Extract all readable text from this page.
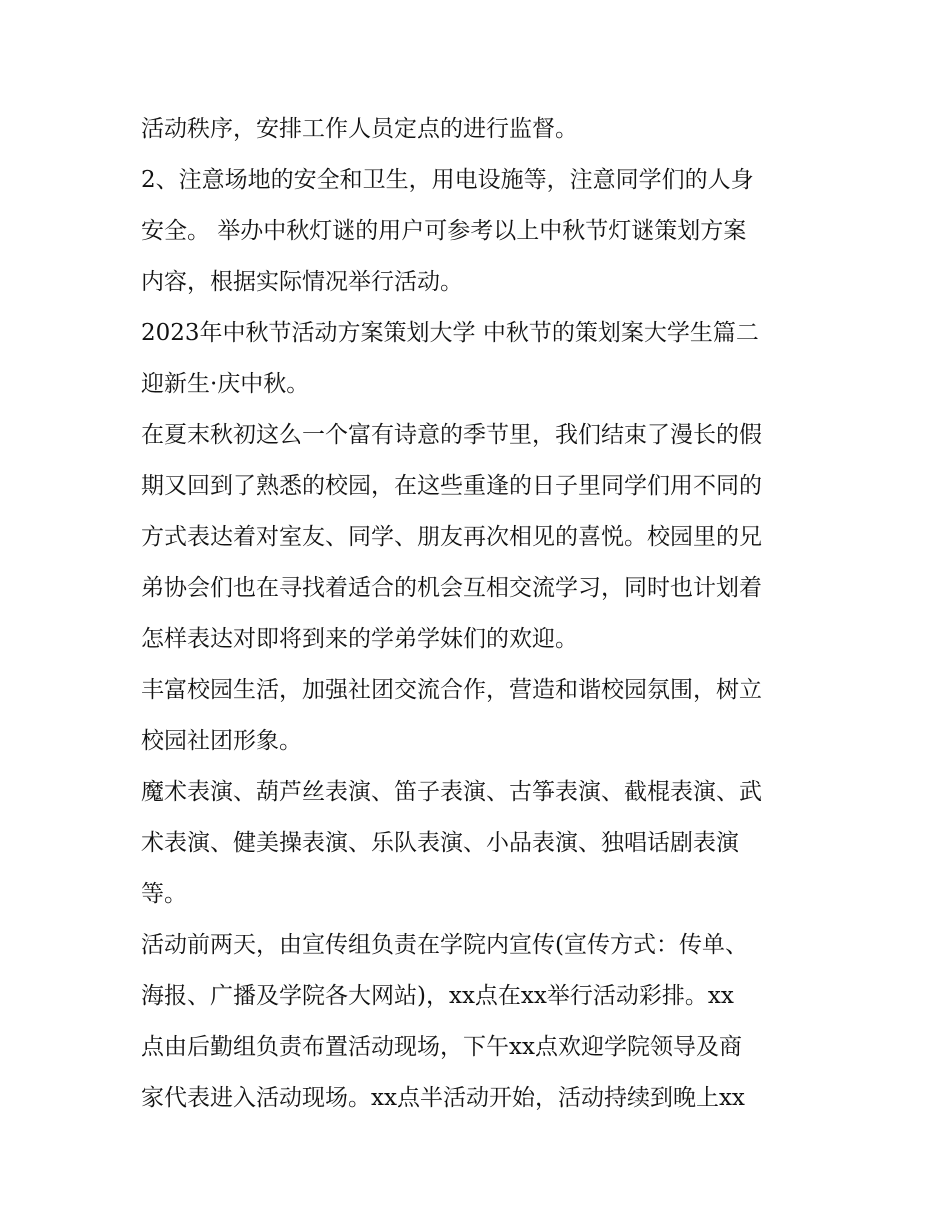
活动秩序，安排工作人员定点的进行监督。

2、注意场地的安全和卫生，用电设施等，注意同学们的人身

安全。 举办中秋灯谜的用户可参考以上中秋节灯谜策划方案

内容，根据实际情况举行活动。

2023年中秋节活动方案策划大学 中秋节的策划案大学生篇二

迎新生·庆中秋。

在夏末秋初这么一个富有诗意的季节里，我们结束了漫长的假

期又回到了熟悉的校园，在这些重逢的日子里同学们用不同的

方式表达着对室友、同学、朋友再次相见的喜悦。校园里的兄

弟协会们也在寻找着适合的机会互相交流学习，同时也计划着

怎样表达对即将到来的学弟学妹们的欢迎。

丰富校园生活，加强社团交流合作，营造和谐校园氛围，树立

校园社团形象。

魔术表演、葫芦丝表演、笛子表演、古筝表演、截棍表演、武

术表演、健美操表演、乐队表演、小品表演、独唱话剧表演

等。

活动前两天，由宣传组负责在学院内宣传(宣传方式：传单、

海报、广播及学院各大网站)，xx点在xx举行活动彩排。xx

点由后勤组负责布置活动现场，下午xx点欢迎学院领导及商

家代表进入活动现场。xx点半活动开始，活动持续到晚上xx
